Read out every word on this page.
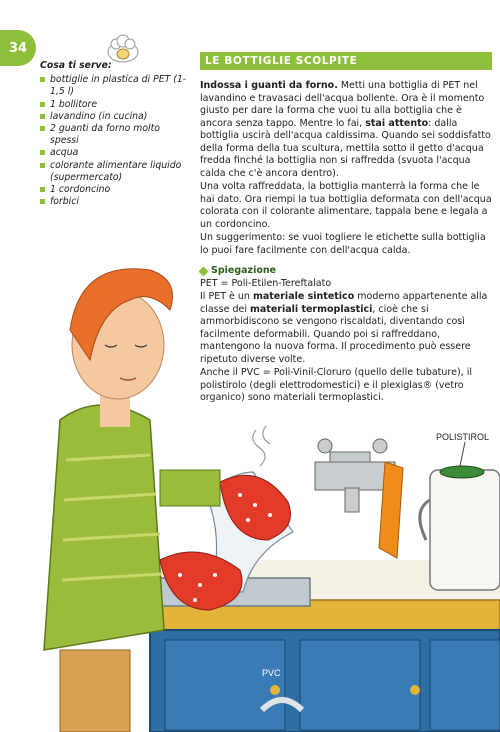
34
Cosa ti serve:
bottiglie in plastica di PET (1-1,5 l)
1 bollitore
lavandino (in cucina)
2 guanti da forno molto spessi
acqua
colorante alimentare liquido (supermercato)
1 cordoncino
forbici
LE BOTTIGLIE SCOLPITE

Indossa i guanti da forno. Metti una bottiglia di PET nel lavandino e travasaci dell'acqua bollente. Ora è il momento giusto per dare la forma che vuoi tu alla bottiglia che è ancora senza tappo. Mentre lo fai, stai attento: dalla bottiglia uscirà dell'acqua caldissima. Quando sei soddisfatto della forma della tua scultura, mettila sotto il getto d'acqua fredda finché la bottiglia non si raffredda (svuota l'acqua calda che c'è ancora dentro).

Una volta raffreddata, la bottiglia manterrà la forma che le hai dato. Ora riempi la tua bottiglia deformata con dell'acqua colorata con il colorante alimentare, tappala bene e legala a un cordoncino.

Un suggerimento: se vuoi togliere le etichette sulla bottiglia lo puoi fare facilmente con dell'acqua calda.

Spiegazione

PET = Poli-Etilen-Tereftalato

Il PET è un materiale sintetico moderno appartenente alla classe dei materiali termoplastici, cioè che si ammorbidiscono se vengono riscaldati, diventando così facilmente deformabili. Quando poi si raffreddano, mantengono la nuova forma. Il procedimento può essere ripetuto diverse volte.

Anche il PVC = Poli-Vinil-Cloruro (quello delle tubature), il polistirolo (degli elettrodomestici) e il plexiglas® (vetro organico) sono materiali termoplastici.

POLISTIROL
PVC
